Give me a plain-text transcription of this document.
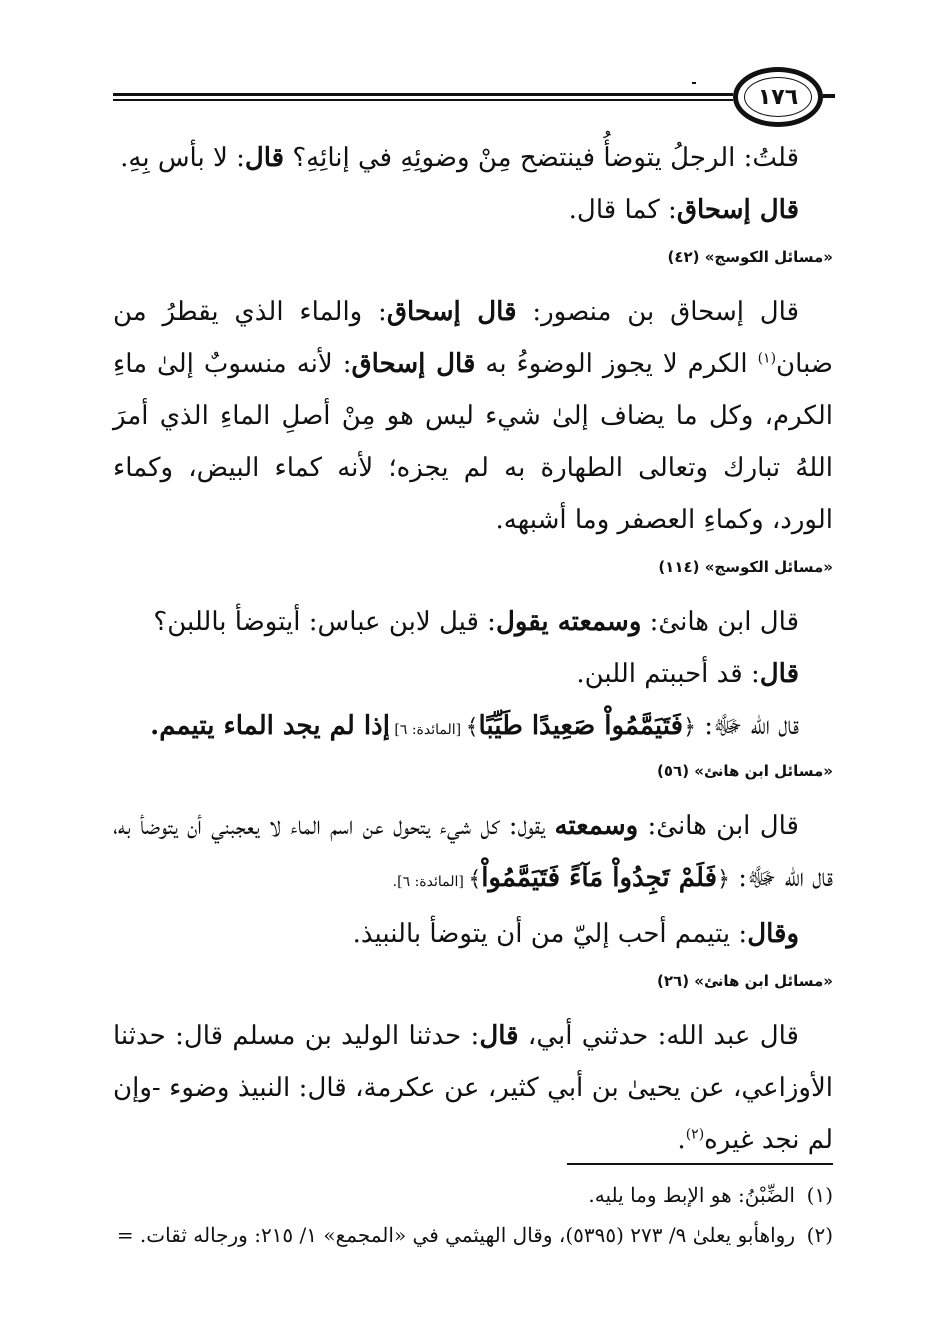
١٧٦

قلتُ: الرجلُ يتوضأُ فينتضح مِنْ وضوئِهِ في إنائِهِ؟ قال: لا بأس بِهِ.

قال إسحاق: كما قال.

«مسائل الكوسج» (٤٢)

قال إسحاق بن منصور: قال إسحاق: والماء الذي يقطرُ من ضبان$^{(١)}$ الكرم لا يجوز الوضوءُ به قال إسحاق: لأنه منسوبٌ إلىٰ ماءِ الكرم، وكل ما يضاف إلىٰ شيء ليس هو مِنْ أصلِ الماءِ الذي أمرَ اللهُ تبارك وتعالى الطهارة به لم يجزه؛ لأنه كماء البيض، وكماء الورد، وكماءِ العصفر وما أشبهه.

«مسائل الكوسج» (١١٤)

قال ابن هانئ: وسمعته يقول: قيل لابن عباس: أيتوضأ باللبن؟

قال: قد أحببتم اللبن.

قال الله ﷻ: ﴿فَتَيَمَّمُواْ صَعِيدًا طَيِّبًا﴾ [المائدة: ٦] إذا لم يجد الماء يتيمم.

«مسائل ابن هانئ» (٥٦)

قال ابن هانئ: وسمعته يقول: كل شيء يتحول عن اسم الماء لا يعجبني أن يتوضأ به، قال الله ﷻ: ﴿فَلَمْ تَجِدُواْ مَآءً فَتَيَمَّمُواْ﴾ [المائدة: ٦].

وقال: يتيمم أحب إليّ من أن يتوضأ بالنبيذ.

«مسائل ابن هانئ» (٢٦)

قال عبد الله: حدثني أبي، قال: حدثنا الوليد بن مسلم قال: حدثنا الأوزاعي، عن يحيىٰ بن أبي كثير، عن عكرمة، قال: النبيذ وضوء -وإن لم نجد غيره$^{(٢)}$.

(١)الضِّبْنُ: هو الإبط وما يليه.
(٢)رواهأبو يعلىٰ ٩/ ٢٧٣ (٥٣٩٥)، وقال الهيثمي في «المجمع» ١/ ٢١٥: ورجاله ثقات. =
